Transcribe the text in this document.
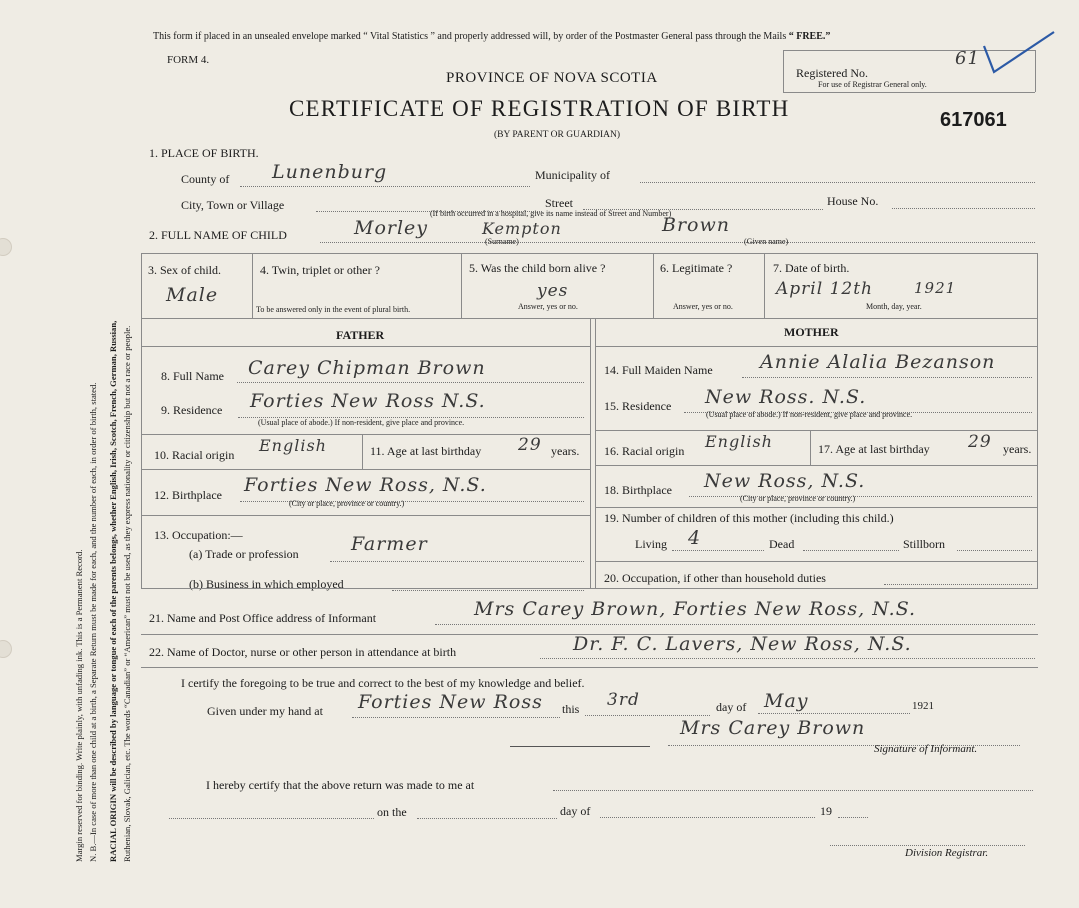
Margin reserved for binding. Write plainly, with unfading ink. This is a Permanent Record. N. B.—In case of more than one child at a birth, a Separate Return must be made for each, and the number of each, in order of birth, stated. RACIAL ORIGIN will be described by language or tongue of each of the parents belongs, whether English, Irish, Scotch, French, German, Russian, Ruthenian, Slovak, Galician, etc. The words “Canadian” or “American” must not be used, as they express nationality or citizenship but not a race or people.
This form if placed in an unsealed envelope marked “ Vital Statistics ” and properly addressed will, by order of the Postmaster General pass through the Mails “ FREE.”
FORM 4.
Registered No.
61
For use of Registrar General only.
PROVINCE OF NOVA SCOTIA
CERTIFICATE OF REGISTRATION OF BIRTH
(BY PARENT OR GUARDIAN)
617061
1. PLACE OF BIRTH.
County of Lunenburg	Municipality of
City, Town or Village	Street	House No.
(If birth occurred in a hospital, give its name instead of Street and Number)
2. FULL NAME OF CHILD	Morley	Kempton	Brown
(Surname)	(Given name)
3. Sex of child.
Male
4. Twin, triplet or other ?
To be answered only in the event of plural birth.
5. Was the child born alive ?
yes
Answer, yes or no.
6. Legitimate ?
Answer, yes or no.
7. Date of birth.
April 12th	1921
Month, day, year.
FATHER	MOTHER
8. Full Name Carey Chipman Brown
9. Residence Forties New Ross N.S.
(Usual place of abode.) If non-resident, give place and province.
10. Racial origin English	11. Age at last birthday 29 years.
12. Birthplace Forties New Ross, N.S.
(City or place, province or country.)
13. Occupation:—
(a) Trade or profession	Farmer
(b) Business in which employed
14. Full Maiden Name Annie Alalia Bezanson
15. Residence New Ross. N.S.
(Usual place of abode.) If non-resident, give place and province.
16. Racial origin English	17. Age at last birthday 29 years.
18. Birthplace New Ross, N.S.
(City or place, province or country.)
19. Number of children of this mother (including this child.)
Living 4	Dead	Stillborn
20. Occupation, if other than household duties
21. Name and Post Office address of Informant	Mrs Carey Brown, Forties New Ross, N.S.
22. Name of Doctor, nurse or other person in attendance at birth	Dr. F. C. Lavers, New Ross, N.S.
I certify the foregoing to be true and correct to the best of my knowledge and belief.
Given under my hand at Forties New Ross this 3rd	day of May	1921
Mrs Carey Brown
Signature of Informant.
I hereby certify that the above return was made to me at
on the	day of	19
Division Registrar.
